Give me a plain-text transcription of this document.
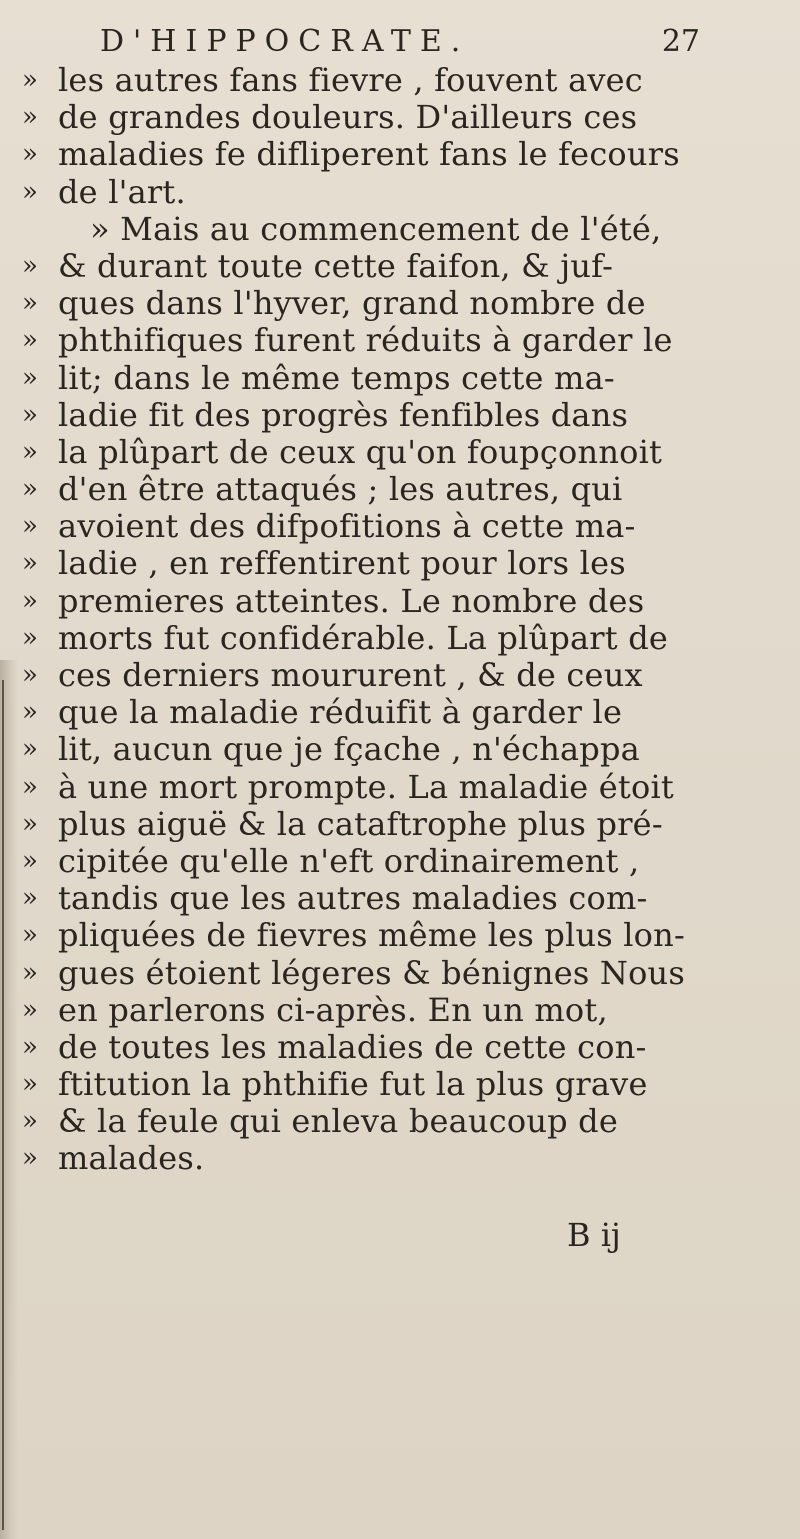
D'HIPPOCRATE.	27
» les autres fans fievre , fouvent avec
» de grandes douleurs. D'ailleurs ces
» maladies fe difliperent fans le fecours
» de l'art.
» Mais au commencement de l'été,
» & durant toute cette faifon, & juf-
» ques dans l'hyver, grand nombre de
» phthifiques furent réduits à garder le
» lit; dans le même temps cette ma-
» ladie fit des progrès fenfibles dans
» la plûpart de ceux qu'on foupçonnoit
» d'en être attaqués ; les autres, qui
» avoient des difpofitions à cette ma-
» ladie , en reffentirent pour lors les
» premieres atteintes. Le nombre des
» morts fut confidérable. La plûpart de
» ces derniers moururent , & de ceux
» que la maladie réduifit à garder le
» lit, aucun que je fçache , n'échappa
» à une mort prompte. La maladie étoit
» plus aiguë & la cataftrophe plus pré-
» cipitée qu'elle n'eft ordinairement ,
» tandis que les autres maladies com-
» pliquées de fievres même les plus lon-
» gues étoient légeres & bénignes Nous
» en parlerons ci-après. En un mot,
» de toutes les maladies de cette con-
» ftitution la phthifie fut la plus grave
» & la feule qui enleva beaucoup de
» malades.
B ij
